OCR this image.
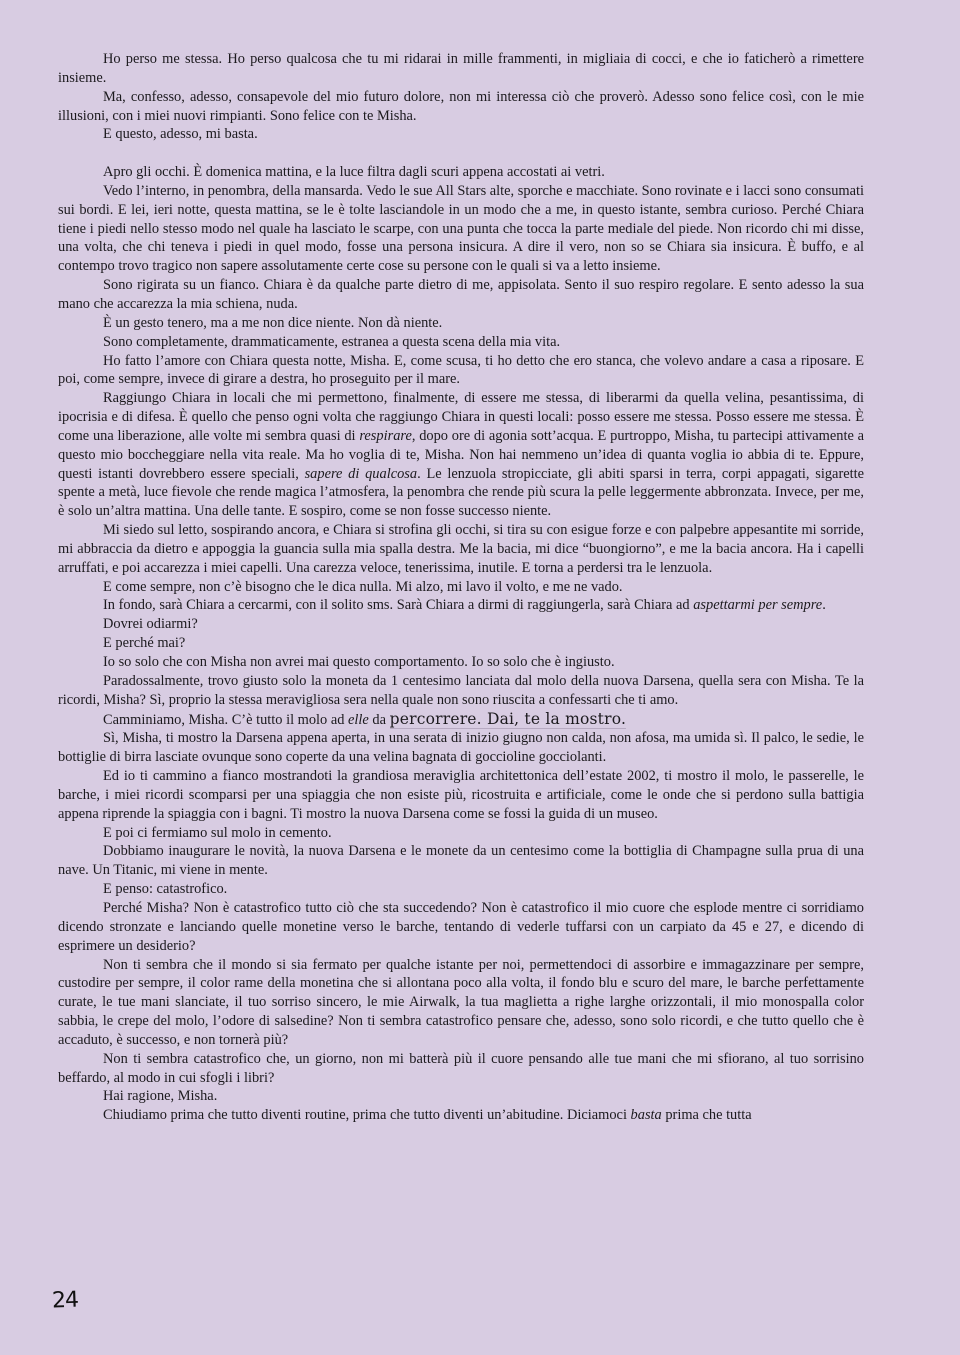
Ho perso me stessa. Ho perso qualcosa che tu mi ridarai in mille frammenti, in migliaia di cocci, e che io faticherò a rimettere insieme.

Ma, confesso, adesso, consapevole del mio futuro dolore, non mi interessa ciò che proverò. Adesso sono felice così, con le mie illusioni, con i miei nuovi rimpianti. Sono felice con te Misha.

E questo, adesso, mi basta.

Apro gli occhi. È domenica mattina, e la luce filtra dagli scuri appena accostati ai vetri.

Vedo l’interno, in penombra, della mansarda. Vedo le sue All Stars alte, sporche e macchiate. Sono rovinate e i lacci sono consumati sui bordi. E lei, ieri notte, questa mattina, se le è tolte lasciandole in un modo che a me, in questo istante, sembra curioso. Perché Chiara tiene i piedi nello stesso modo nel quale ha lasciato le scarpe, con una punta che tocca la parte mediale del piede. Non ricordo chi mi disse, una volta, che chi teneva i piedi in quel modo, fosse una persona insicura. A dire il vero, non so se Chiara sia insicura. È buffo, e al contempo trovo tragico non sapere assolutamente certe cose su persone con le quali si va a letto insieme.

Sono rigirata su un fianco. Chiara è da qualche parte dietro di me, appisolata. Sento il suo respiro regolare. E sento adesso la sua mano che accarezza la mia schiena, nuda.

È un gesto tenero, ma a me non dice niente. Non dà niente.

Sono completamente, drammaticamente, estranea a questa scena della mia vita.

Ho fatto l’amore con Chiara questa notte, Misha. E, come scusa, ti ho detto che ero stanca, che volevo andare a casa a riposare. E poi, come sempre, invece di girare a destra, ho proseguito per il mare.

Raggiungo Chiara in locali che mi permettono, finalmente, di essere me stessa, di liberarmi da quella velina, pesantissima, di ipocrisia e di difesa. È quello che penso ogni volta che raggiungo Chiara in questi locali: posso essere me stessa. Posso essere me stessa. È come una liberazione, alle volte mi sembra quasi di respirare, dopo ore di agonia sott’acqua. E purtroppo, Misha, tu partecipi attivamente a questo mio boccheggiare nella vita reale. Ma ho voglia di te, Misha. Non hai nemmeno un’idea di quanta voglia io abbia di te. Eppure, questi istanti dovrebbero essere speciali, sapere di qualcosa. Le lenzuola stropicciate, gli abiti sparsi in terra, corpi appagati, sigarette spente a metà, luce fievole che rende magica l’atmosfera, la penombra che rende più scura la pelle leggermente abbronzata. Invece, per me, è solo un’altra mattina. Una delle tante. E sospiro, come se non fosse successo niente.

Mi siedo sul letto, sospirando ancora, e Chiara si strofina gli occhi, si tira su con esigue forze e con palpebre appesantite mi sorride, mi abbraccia da dietro e appoggia la guancia sulla mia spalla destra. Me la bacia, mi dice “buongiorno”, e me la bacia ancora. Ha i capelli arruffati, e poi accarezza i miei capelli. Una carezza veloce, tenerissima, inutile. E torna a perdersi tra le lenzuola.

E come sempre, non c’è bisogno che le dica nulla. Mi alzo, mi lavo il volto, e me ne vado.

In fondo, sarà Chiara a cercarmi, con il solito sms. Sarà Chiara a dirmi di raggiungerla, sarà Chiara ad aspettarmi per sempre.

Dovrei odiarmi?

E perché mai?

Io so solo che con Misha non avrei mai questo comportamento. Io so solo che è ingiusto.

Paradossalmente, trovo giusto solo la moneta da 1 centesimo lanciata dal molo della nuova Darsena, quella sera con Misha. Te la ricordi, Misha? Sì, proprio la stessa meravigliosa sera nella quale non sono riuscita a confessarti che ti amo.

Camminiamo, Misha. C’è tutto il molo ad elle da percorrere. Dai, te la mostro.

Sì, Misha, ti mostro la Darsena appena aperta, in una serata di inizio giugno non calda, non afosa, ma umida sì. Il palco, le sedie, le bottiglie di birra lasciate ovunque sono coperte da una velina bagnata di goccioline gocciolanti.

Ed io ti cammino a fianco mostrandoti la grandiosa meraviglia architettonica dell’estate 2002, ti mostro il molo, le passerelle, le barche, i miei ricordi scomparsi per una spiaggia che non esiste più, ricostruita e artificiale, come le onde che si perdono sulla battigia appena riprende la spiaggia con i bagni. Ti mostro la nuova Darsena come se fossi la guida di un museo.

E poi ci fermiamo sul molo in cemento.

Dobbiamo inaugurare le novità, la nuova Darsena e le monete da un centesimo come la bottiglia di Champagne sulla prua di una nave. Un Titanic, mi viene in mente.

E penso: catastrofico.

Perché Misha? Non è catastrofico tutto ciò che sta succedendo? Non è catastrofico il mio cuore che esplode mentre ci sorridiamo dicendo stronzate e lanciando quelle monetine verso le barche, tentando di vederle tuffarsi con un carpiato da 45 e 27, e dicendo di esprimere un desiderio?

Non ti sembra che il mondo si sia fermato per qualche istante per noi, permettendoci di assorbire e immagazzinare per sempre, custodire per sempre, il color rame della monetina che si allontana poco alla volta, il fondo blu e scuro del mare, le barche perfettamente curate, le tue mani slanciate, il tuo sorriso sincero, le mie Airwalk, la tua maglietta a righe larghe orizzontali, il mio monospalla color sabbia, le crepe del molo, l’odore di salsedine? Non ti sembra catastrofico pensare che, adesso, sono solo ricordi, e che tutto quello che è accaduto, è successo, e non tornerà più?

Non ti sembra catastrofico che, un giorno, non mi batterà più il cuore pensando alle tue mani che mi sfiorano, al tuo sorrisino beffardo, al modo in cui sfogli i libri?

Hai ragione, Misha.

Chiudiamo prima che tutto diventi routine, prima che tutto diventi un’abitudine. Diciamoci basta prima che tutta

24
